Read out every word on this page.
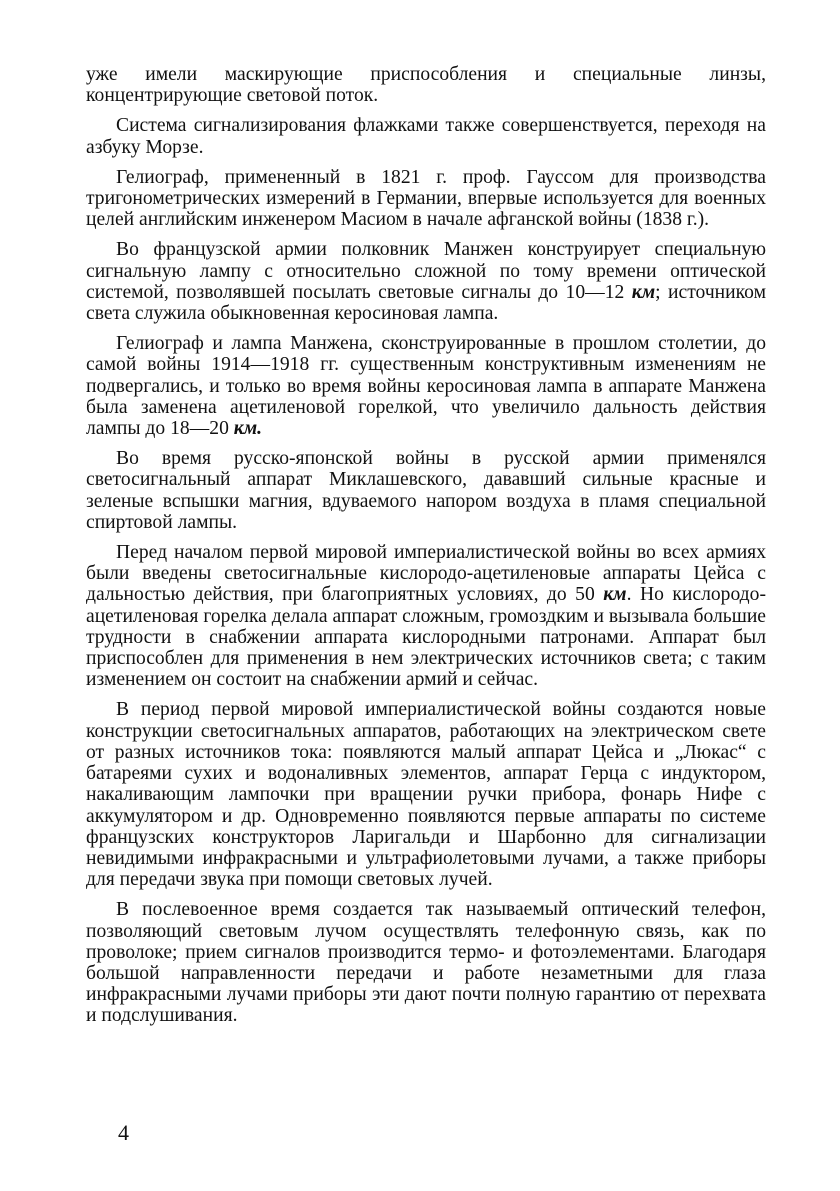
уже имели маскирующие приспособления и специальные линзы, концентрирующие световой поток.

Система сигнализирования флажками также совершенствуется, переходя на азбуку Морзе.

Гелиограф, примененный в 1821 г. проф. Гауссом для производства тригонометрических измерений в Германии, впервые используется для военных целей английским инженером Масиом в начале афганской войны (1838 г.).

Во французской армии полковник Манжен конструирует специальную сигнальную лампу с относительно сложной по тому времени оптической системой, позволявшей посылать световые сигналы до 10—12 км; источником света служила обыкновенная керосиновая лампа.

Гелиограф и лампа Манжена, сконструированные в прошлом столетии, до самой войны 1914—1918 гг. существенным конструктивным изменениям не подвергались, и только во время войны керосиновая лампа в аппарате Манжена была заменена ацетиленовой горелкой, что увеличило дальность действия лампы до 18—20 км.

Во время русско-японской войны в русской армии применялся светосигнальный аппарат Миклашевского, дававший сильные красные и зеленые вспышки магния, вдуваемого напором воздуха в пламя специальной спиртовой лампы.

Перед началом первой мировой империалистической войны во всех армиях были введены светосигнальные кислородо-ацетиленовые аппараты Цейса с дальностью действия, при благоприятных условиях, до 50 км. Но кислородо-ацетиленовая горелка делала аппарат сложным, громоздким и вызывала большие трудности в снабжении аппарата кислородными патронами. Аппарат был приспособлен для применения в нем электрических источников света; с таким изменением он состоит на снабжении армий и сейчас.

В период первой мировой империалистической войны создаются новые конструкции светосигнальных аппаратов, работающих на электрическом свете от разных источников тока: появляются малый аппарат Цейса и „Люкас“ с батареями сухих и водоналивных элементов, аппарат Герца с индуктором, накаливающим лампочки при вращении ручки прибора, фонарь Нифе с аккумулятором и др. Одновременно появляются первые аппараты по системе французских конструкторов Ларигальди и Шарбонно для сигнализации невидимыми инфракрасными и ультрафиолетовыми лучами, а также приборы для передачи звука при помощи световых лучей.

В послевоенное время создается так называемый оптический телефон, позволяющий световым лучом осуществлять телефонную связь, как по проволоке; прием сигналов производится термо- и фотоэлементами. Благодаря большой направленности передачи и работе незаметными для глаза инфракрасными лучами приборы эти дают почти полную гарантию от перехвата и подслушивания.

4
